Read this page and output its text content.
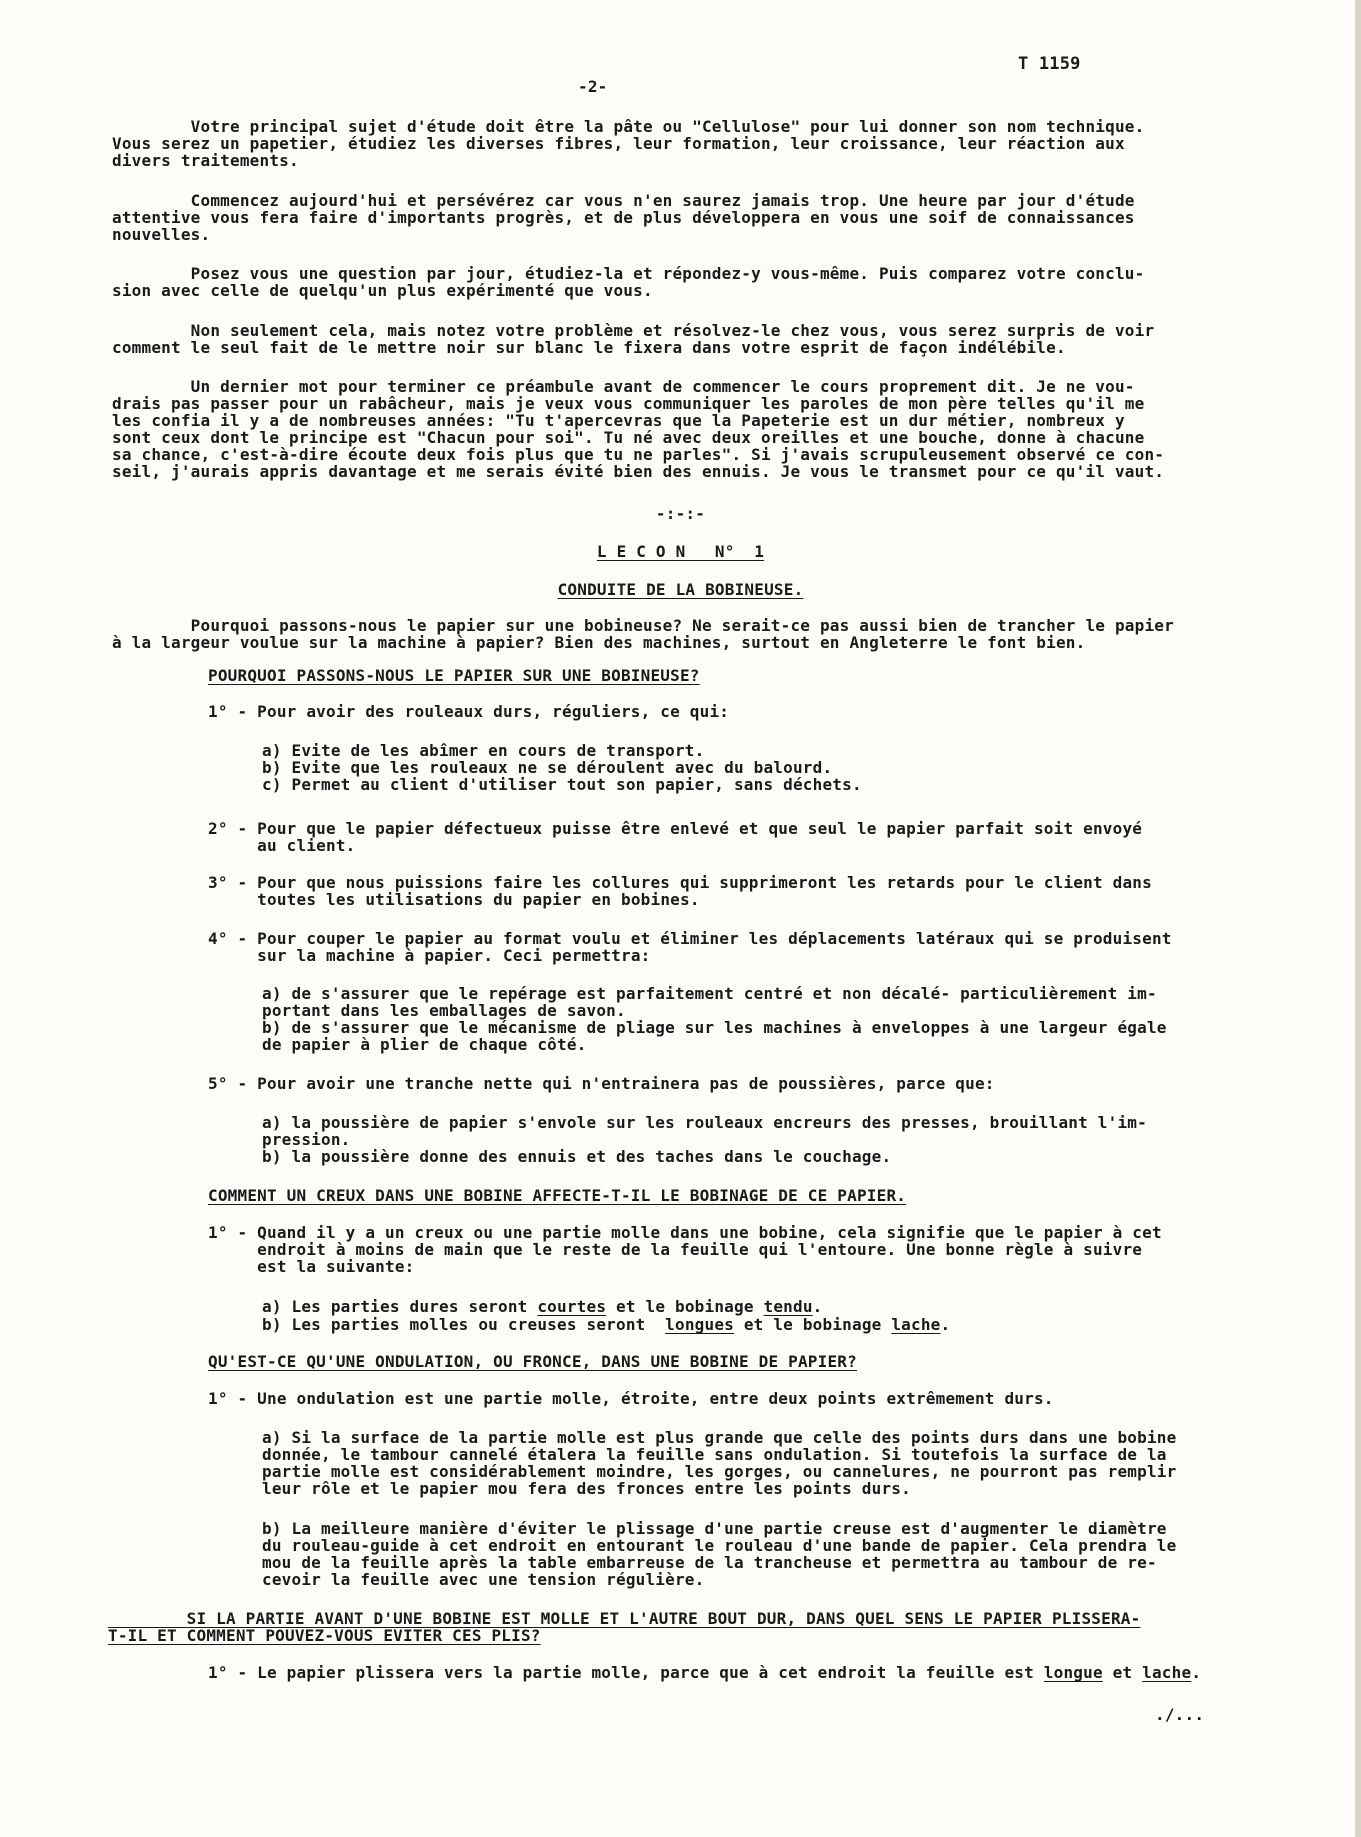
T 1159

-2-

Votre principal sujet d'étude doit être la pâte ou "Cellulose" pour lui donner son nom technique.
Vous serez un papetier, étudiez les diverses fibres, leur formation, leur croissance, leur réaction aux
divers traitements.

Commencez aujourd'hui et persévérez car vous n'en saurez jamais trop. Une heure par jour d'étude
attentive vous fera faire d'importants progrès, et de plus développera en vous une soif de connaissances
nouvelles.

Posez vous une question par jour, étudiez-la et répondez-y vous-même. Puis comparez votre conclu-
sion avec celle de quelqu'un plus expérimenté que vous.

Non seulement cela, mais notez votre problème et résolvez-le chez vous, vous serez surpris de voir
comment le seul fait de le mettre noir sur blanc le fixera dans votre esprit de façon indélébile.

Un dernier mot pour terminer ce préambule avant de commencer le cours proprement dit. Je ne vou-
drais pas passer pour un rabâcheur, mais je veux vous communiquer les paroles de mon père telles qu'il me
les confia il y a de nombreuses années: "Tu t'apercevras que la Papeterie est un dur métier, nombreux y
sont ceux dont le principe est "Chacun pour soi". Tu né avec deux oreilles et une bouche, donne à chacune
sa chance, c'est-à-dire écoute deux fois plus que tu ne parles". Si j'avais scrupuleusement observé ce con-
seil, j'aurais appris davantage et me serais évité bien des ennuis. Je vous le transmet pour ce qu'il vaut.

-:-:-

L E C O N   N°  1

CONDUITE DE LA BOBINEUSE.

Pourquoi passons-nous le papier sur une bobineuse? Ne serait-ce pas aussi bien de trancher le papier
à la largeur voulue sur la machine à papier? Bien des machines, surtout en Angleterre le font bien.

POURQUOI PASSONS-NOUS LE PAPIER SUR UNE BOBINEUSE?

1° - Pour avoir des rouleaux durs, réguliers, ce qui:

a) Evite de les abîmer en cours de transport.
b) Evite que les rouleaux ne se déroulent avec du balourd.
c) Permet au client d'utiliser tout son papier, sans déchets.

2° - Pour que le papier défectueux puisse être enlevé et que seul le papier parfait soit envoyé
au client.

3° - Pour que nous puissions faire les collures qui supprimeront les retards pour le client dans
toutes les utilisations du papier en bobines.

4° - Pour couper le papier au format voulu et éliminer les déplacements latéraux qui se produisent
sur la machine à papier. Ceci permettra:

a) de s'assurer que le repérage est parfaitement centré et non décalé- particulièrement im-
portant dans les emballages de savon.
b) de s'assurer que le mécanisme de pliage sur les machines à enveloppes à une largeur égale
de papier à plier de chaque côté.

5° - Pour avoir une tranche nette qui n'entrainera pas de poussières, parce que:

a) la poussière de papier s'envole sur les rouleaux encreurs des presses, brouillant l'im-
pression.
b) la poussière donne des ennuis et des taches dans le couchage.

COMMENT UN CREUX DANS UNE BOBINE AFFECTE-T-IL LE BOBINAGE DE CE PAPIER.

1° - Quand il y a un creux ou une partie molle dans une bobine, cela signifie que le papier à cet
endroit à moins de main que le reste de la feuille qui l'entoure. Une bonne règle à suivre
est la suivante:

a) Les parties dures seront courtes et le bobinage tendu.

b) Les parties molles ou creuses seront  longues et le bobinage lache.

QU'EST-CE QU'UNE ONDULATION, OU FRONCE, DANS UNE BOBINE DE PAPIER?

1° - Une ondulation est une partie molle, étroite, entre deux points extrêmement durs.

a) Si la surface de la partie molle est plus grande que celle des points durs dans une bobine
donnée, le tambour cannelé étalera la feuille sans ondulation. Si toutefois la surface de la
partie molle est considérablement moindre, les gorges, ou cannelures, ne pourront pas remplir
leur rôle et le papier mou fera des fronces entre les points durs.

b) La meilleure manière d'éviter le plissage d'une partie creuse est d'augmenter le diamètre
du rouleau-guide à cet endroit en entourant le rouleau d'une bande de papier. Cela prendra le
mou de la feuille après la table embarreuse de la trancheuse et permettra au tambour de re-
cevoir la feuille avec une tension régulière.

SI LA PARTIE AVANT D'UNE BOBINE EST MOLLE ET L'AUTRE BOUT DUR, DANS QUEL SENS LE PAPIER PLISSERA-
T-IL ET COMMENT POUVEZ-VOUS EVITER CES PLIS?

1° - Le papier plissera vers la partie molle, parce que à cet endroit la feuille est longue et lache.

./...
